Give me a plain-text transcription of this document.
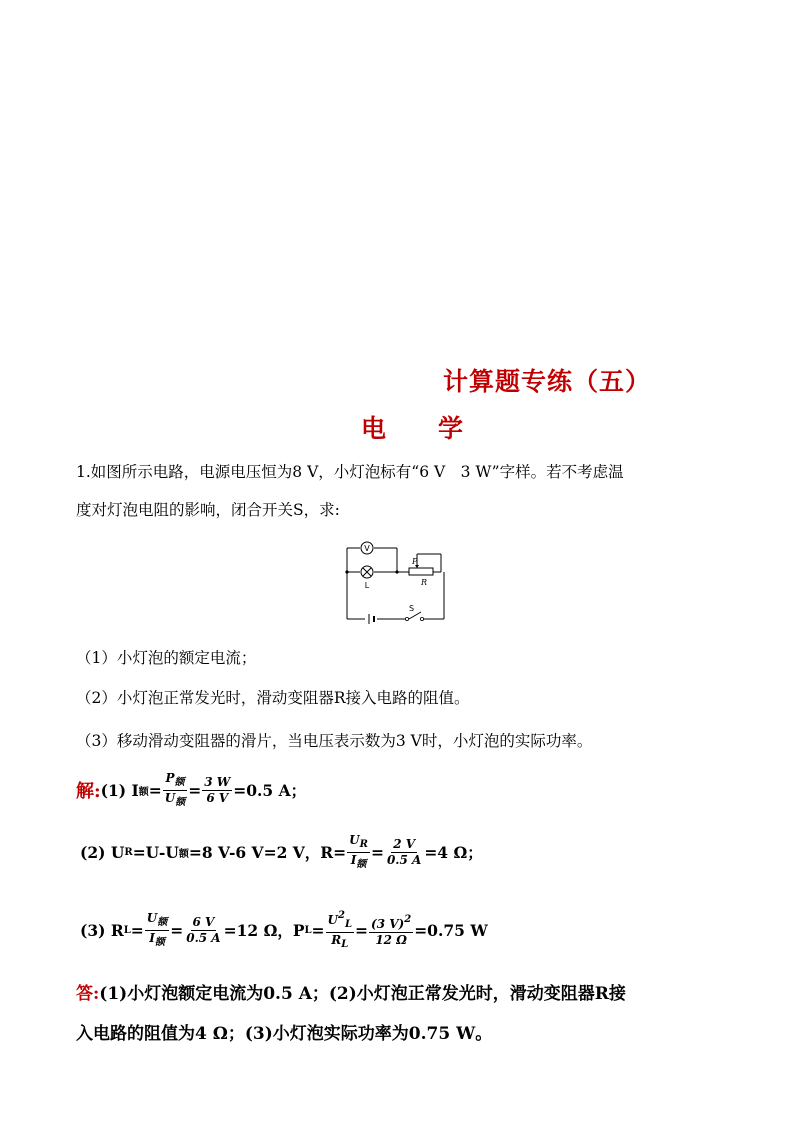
计算题专练（五）
电 学
1.如图所示电路，电源电压恒为8 V，小灯泡标有“6 V　3 W”字样。若不考虑温
度对灯泡电阻的影响，闭合开关S，求:
V
L
P
R
S
（1）小灯泡的额定电流；
（2）小灯泡正常发光时，滑动变阻器R接入电路的阻值。
（3）移动滑动变阻器的滑片，当电压表示数为3 V时，小灯泡的实际功率。
解: (1) I 额 = $\frac{P_额}{U_额} = \frac{3 W}{6 V} =0.5$ A；
(2) U R =U-U 额 =8 V-6 V=2 V，$R= \frac{U_R}{I_额} = \frac{2 V}{0.5 A} =4$ Ω；
(3) R $L = \frac{U_额}{I_额} = \frac{6 V}{0.5 A} =12$ Ω，P $L = \frac{U^2_L}{R_L} = \frac{(3 V)^2}{12 \Omega} =0.75$ W
答:(1)小灯泡额定电流为0.5 A；(2)小灯泡正常发光时，滑动变阻器R接
入电路的阻值为4 Ω；(3)小灯泡实际功率为0.75 W。
